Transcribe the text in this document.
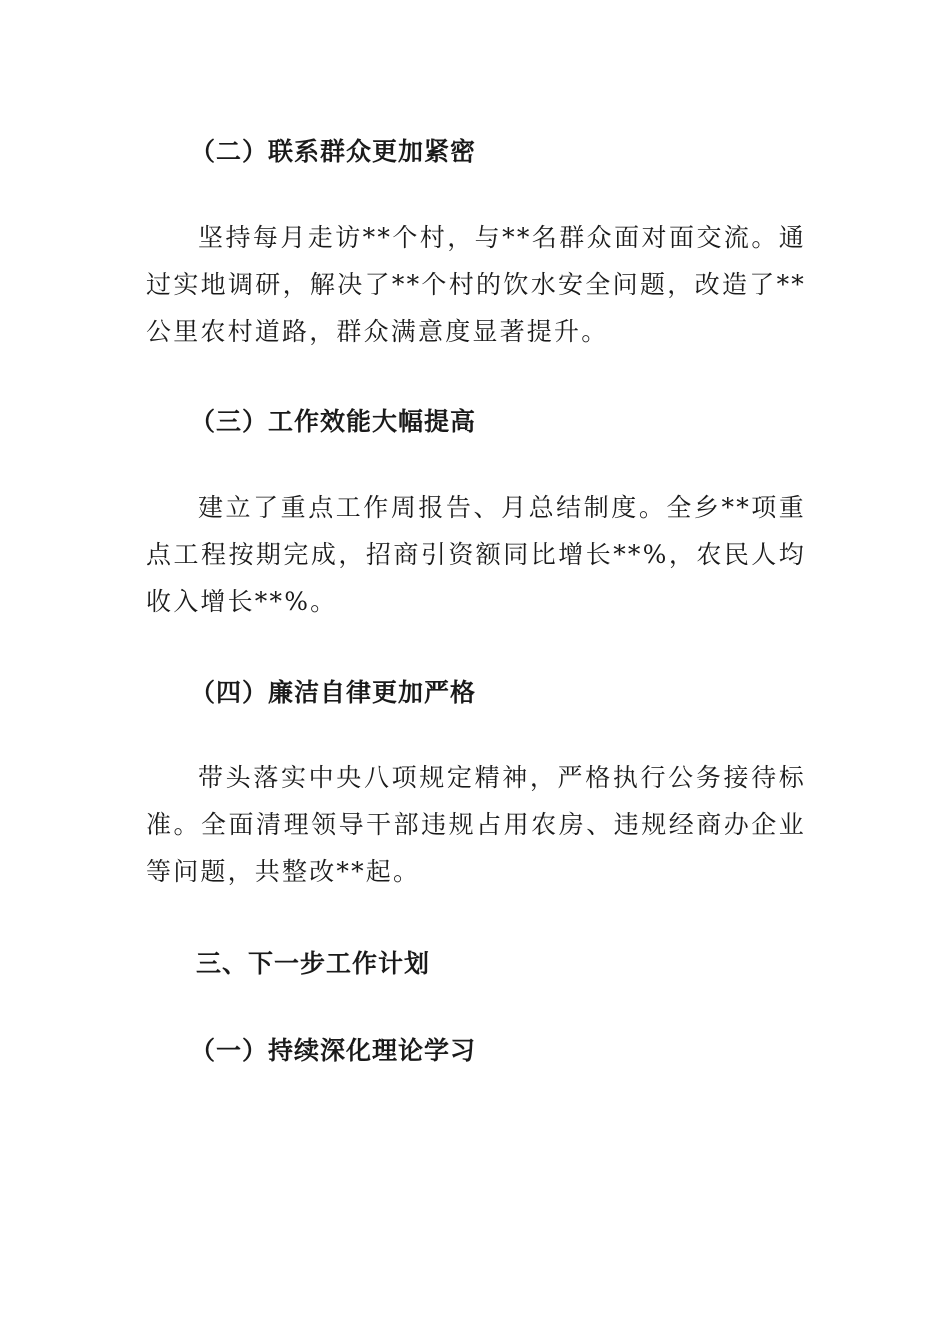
（二）联系群众更加紧密
坚持每月走访**个村，与**名群众面对面交流。通过实地调研，解决了**个村的饮水安全问题，改造了**公里农村道路，群众满意度显著提升。
（三）工作效能大幅提高
建立了重点工作周报告、月总结制度。全乡**项重点工程按期完成，招商引资额同比增长**%，农民人均收入增长**%。
（四）廉洁自律更加严格
带头落实中央八项规定精神，严格执行公务接待标准。全面清理领导干部违规占用农房、违规经商办企业等问题，共整改**起。
三、下一步工作计划
（一）持续深化理论学习
